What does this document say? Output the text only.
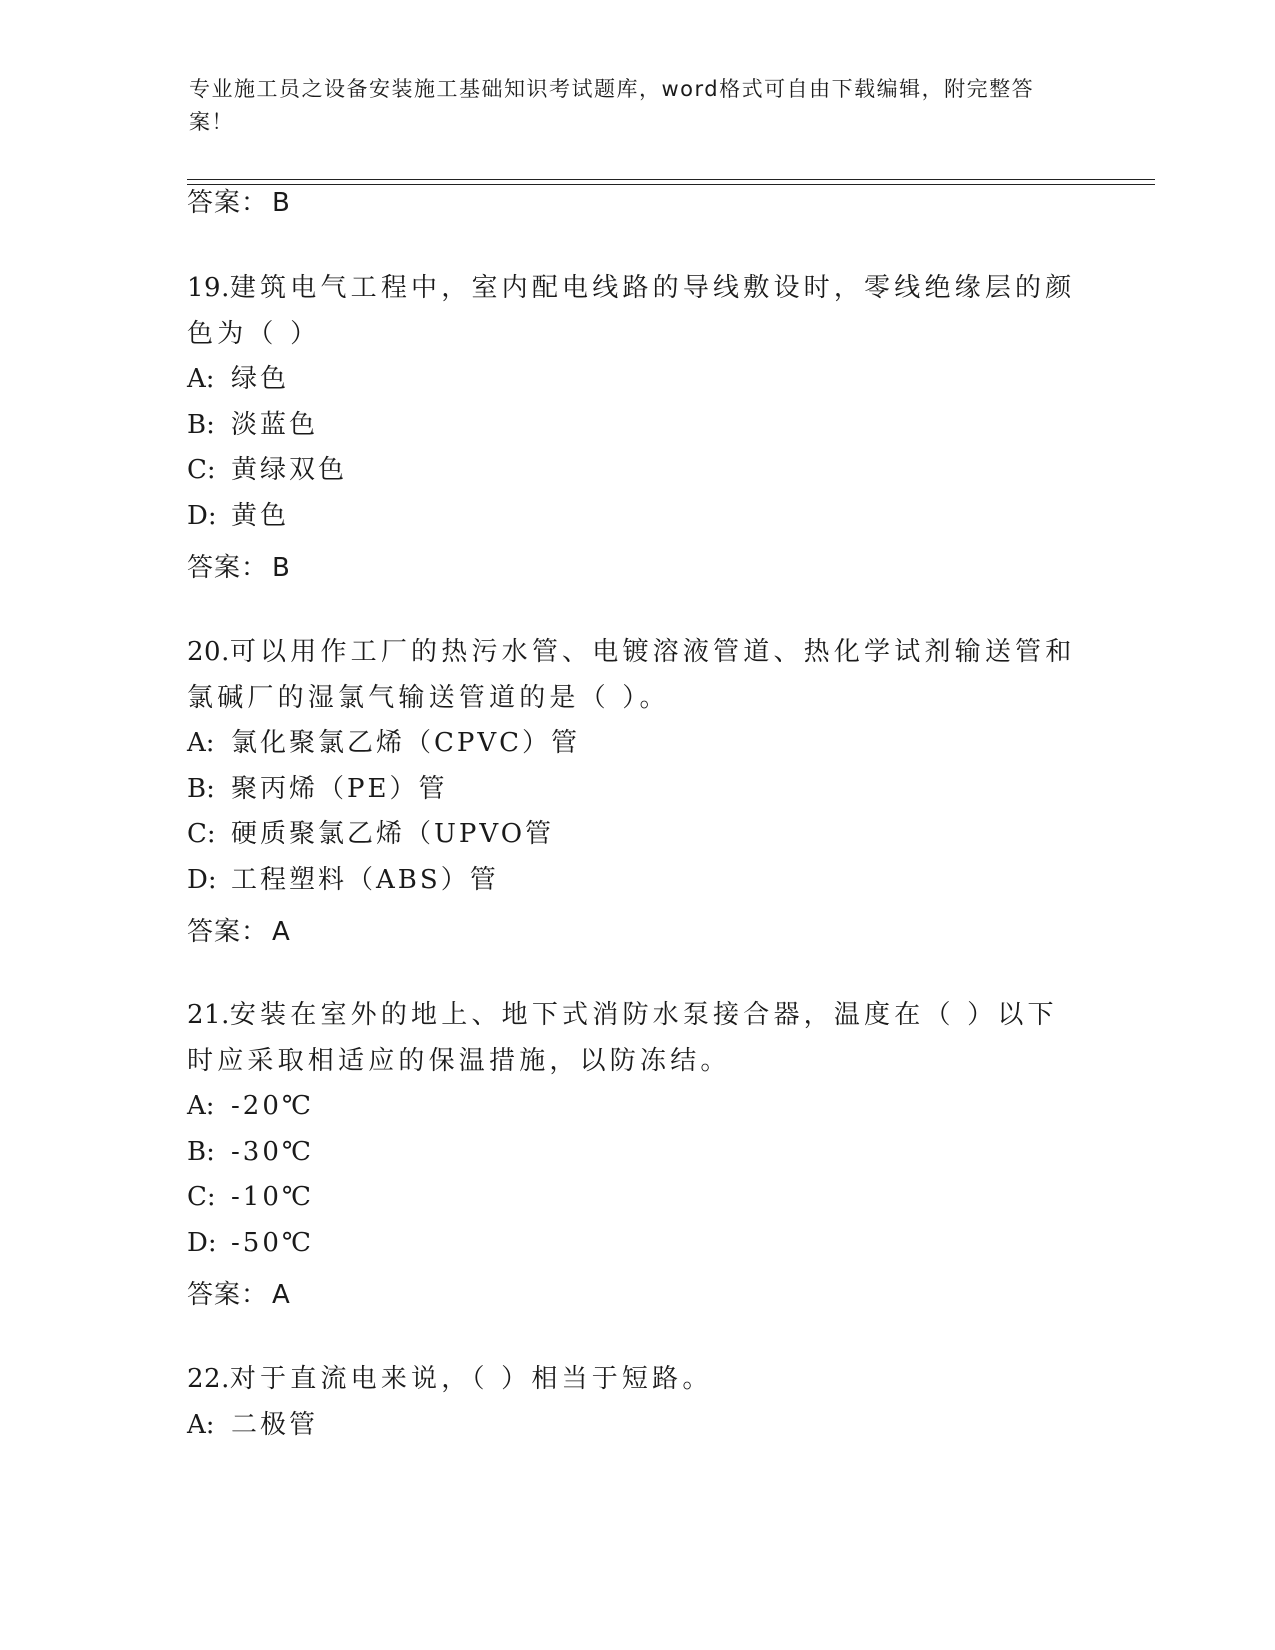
专业施工员之设备安装施工基础知识考试题库，word格式可自由下载编辑，附完整答案！
答案： B

19.建筑电气工程中，室内配电线路的导线敷设时，零线绝缘层的颜色为（ ）

A: 绿色

B: 淡蓝色

C: 黄绿双色

D: 黄色

答案： B

20.可以用作工厂的热污水管、电镀溶液管道、热化学试剂输送管和氯碱厂的湿氯气输送管道的是（ ）。

A: 氯化聚氯乙烯（CPVC）管

B: 聚丙烯（PE）管

C: 硬质聚氯乙烯（UPVO管

D: 工程塑料（ABS）管

答案： A

21.安装在室外的地上、地下式消防水泵接合器，温度在（ ）以下时应采取相适应的保温措施，以防冻结。

A: -20℃

B: -30℃

C: -10℃

D: -50℃

答案： A

22.对于直流电来说，（ ）相当于短路。

A: 二极管
